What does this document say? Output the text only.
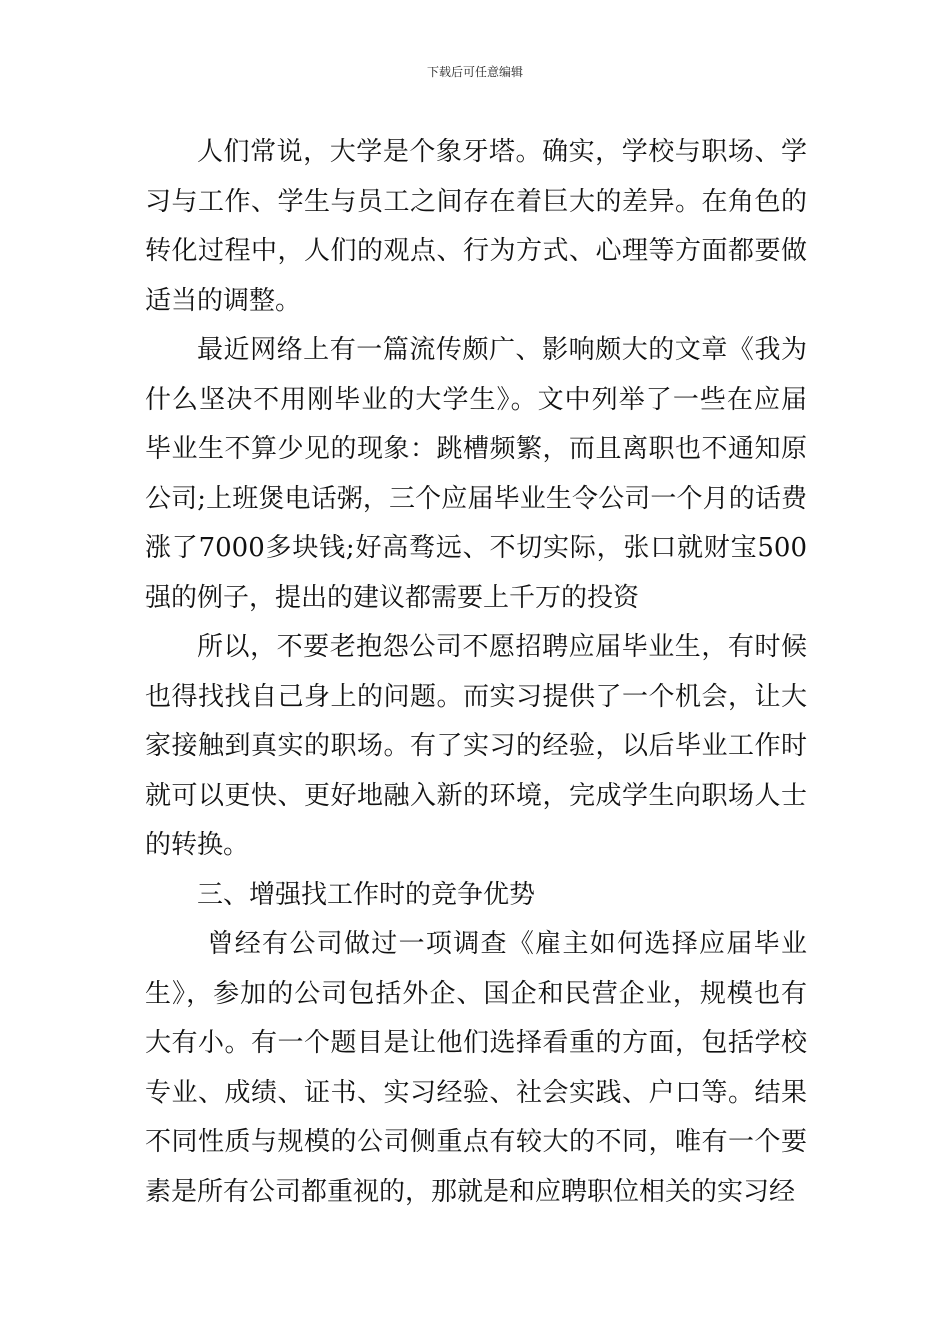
下载后可任意编辑

人们常说，大学是个象牙塔。确实，学校与职场、学习与工作、学生与员工之间存在着巨大的差异。在角色的转化过程中，人们的观点、行为方式、心理等方面都要做适当的调整。

最近网络上有一篇流传颇广、影响颇大的文章《我为什么坚决不用刚毕业的大学生》。文中列举了一些在应届毕业生不算少见的现象：跳槽频繁，而且离职也不通知原公司;上班煲电话粥，三个应届毕业生令公司一个月的话费涨了7000多块钱;好高骛远、不切实际，张口就财宝500强的例子，提出的建议都需要上千万的投资

所以，不要老抱怨公司不愿招聘应届毕业生，有时候也得找找自己身上的问题。而实习提供了一个机会，让大家接触到真实的职场。有了实习的经验，以后毕业工作时就可以更快、更好地融入新的环境，完成学生向职场人士的转换。

三、增强找工作时的竞争优势

曾经有公司做过一项调查《雇主如何选择应届毕业生》，参加的公司包括外企、国企和民营企业，规模也有大有小。有一个题目是让他们选择看重的方面，包括学校专业、成绩、证书、实习经验、社会实践、户口等。结果不同性质与规模的公司侧重点有较大的不同，唯有一个要素是所有公司都重视的，那就是和应聘职位相关的实习经
